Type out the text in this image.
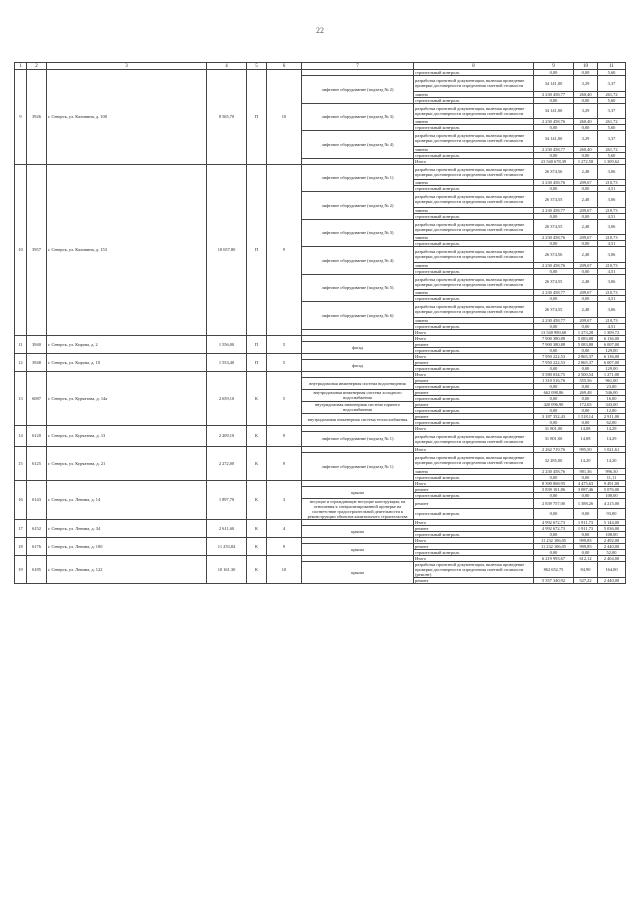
22
1	2	3	4	5	6	7	8	9	10	11
9	3926	г. Северск, ул. Калинина, д. 100	8 565,70	П	10		строительный контроль	0,00	0,00	5,60
						лифтовое оборудование (подъезд № 2)	разработка проектной документации, включая проведение проверки достоверности определения сметной стоимости	34 141,00	3,29	3,37
							замена	2 230 458,77	260,40	261,72
							строительный контроль	0,00	0,00	5,60
						лифтовое оборудование (подъезд № 3)	разработка проектной документации, включая проведение проверки достоверности определения сметной стоимости	34 141,00	3,29	3,37
							замена	2 230 458,76	260,40	261,72
							строительный контроль	0,00	0,00	5,60
						лифтовое оборудование (подъезд № 4)	разработка проектной документации, включая проведение проверки достоверности определения сметной стоимости	34 141,00	3,29	3,37
							замена	2 230 458,77	260,40	261,72
							строительный контроль	0,00	0,00	5,60
							Итого	23 540 678,39	1 272,58	1 309,62
10	3957	г. Северск, ул. Калинина, д. 153	10 657,80	П	9	лифтовое оборудование (подъезд № 1)	разработка проектной документации, включая проведение проверки достоверности определения сметной стоимости	26 374,56	2,48	3,06
							замена	2 230 458,76	209,67	210,73
							строительный контроль	0,00	0,00	4,51
						лифтовое оборудование (подъезд № 2)	разработка проектной документации, включая проведение проверки достоверности определения сметной стоимости	26 374,55	2,48	3,06
							замена	2 230 458,77	209,67	210,73
							строительный контроль	0,00	0,00	4,51
						лифтовое оборудование (подъезд № 3)	разработка проектной документации, включая проведение проверки достоверности определения сметной стоимости	26 374,55	2,48	3,06
							замена	2 230 458,76	209,67	210,73
							строительный контроль	0,00	0,00	4,51
						лифтовое оборудование (подъезд № 4)	разработка проектной документации, включая проведение проверки достоверности определения сметной стоимости	26 374,56	2,48	3,06
							замена	2 230 458,76	209,67	210,73
							строительный контроль	0,00	0,00	4,51
						лифтовое оборудование (подъезд № 5)	разработка проектной документации, включая проведение проверки достоверности определения сметной стоимости	26 374,55	2,48	3,06
							замена	2 230 458,77	209,67	210,73
							строительный контроль	0,00	0,00	4,51
						лифтовое оборудование (подъезд № 6)	разработка проектной документации, включая проведение проверки достоверности определения сметной стоимости	26 374,55	2,48	3,06
							замена	2 230 458,77	209,67	210,73
							строительный контроль	0,00	0,00	4,51
							Итого	13 540 980,68	1 273,28	1 309,72
11	3940	г. Северск, ул. Кирова, д. 2	1 556,00	П	5		Итого	7 900 380,88	5 083,88	6 136,00
						фасад	ремонт	7 900 380,88	5 083,88	6 007,00
							строительный контроль	0,00	0,00	129,00
12	3948	г. Северск, ул. Кирова, д. 10	1 553,40	П	5		Итого	7 950 222,53	2 865,37	6 136,00
						фасад	ремонт	7 950 222,53	2 865,37	6 007,00
							строительный контроль	0,00	0,00	129,00
13	6087	г. Северск, ул. Курчатова, д. 14а	2 659,10	К	5		Итого	5 580 034,75	2 500,54	1 271,00
						внутридомовая инженерная система водоотведения	ремонт	1 310 516,76	555,56	961,00
							строительный контроль	0,00	0,00	23,00
						внутридомовая инженерная система холодного водоснабжения	ремонт	662 098,86	269,48	546,00
							строительный контроль	0,00	0,00	16,00
						внутридомовая инженерная система горячего водоснабжения	ремонт	420 096,90	172,65	343,00
							строительный контроль	0,00	0,00	12,00
						внутридомовая инженерная система теплоснабжения	ремонт	3 187 352,43	1 518,14	2 911,00
							строительный контроль	0,00	0,00	62,00
14	6120	г. Северск, ул. Курчатова, д. 13	2 209,10	К	9		Итого	31 801,00	14,08	14,29
						лифтовое оборудование (подъезд № 1)	разработка проектной документации, включая проведение проверки достоверности определения сметной стоимости	31 801,00	14,08	14,29
15	6125	г. Северск, ул. Курчатова, д. 21	2 272,00	К	9		Итого	2 262 719,76	995,50	1 021,61
						лифтовое оборудование (подъезд № 1)	разработка проектной документации, включая проведение проверки достоверности определения сметной стоимости	32 285,00	14,20	14,20
							замена	2 230 458,76	981,36	996,30
							строительный контроль	0,00	0,00	11,11
16	6143	г. Северск, ул. Ленина, д. 14	1 897,70	К	3		Итого	8 390 868,95	4 475,63	9 491,00
						крыша	ремонт	5 839 101,86	3 087,46	5 076,00
							строительный контроль	0,00	0,00	108,00
						несущие и ограждающие несущие конструкции, на отношения к специализированной проверке на соответствие градостроительной деятельности к реконструкции объектов капитального строительства	ремонт	2 839 757,00	1 388,26	4 215,00
							строительный контроль	0,00	0,00	93,00
17	6152	г. Северск, ул. Ленина, д. 34	2 611,60	К	4		Итого	4 992 672,73	1 911,73	5 144,00
						крыша	ремонт	4 992 672,73	1 911,73	5 036,00
							строительный контроль	0,00	0,00	108,00
18	6176	г. Северск, ул. Ленина, д. 100	11 253,84	К	9		Итого	11 232 106,05	999,85	2 492,00
						крыша	ремонт	11 232 106,05	999,85	2 440,00
							строительный контроль	0,00	0,00	52,00
19	6185	г. Северск, ул. Ленина, д. 122	10 161,30	К	10		Итого	6 219 993,67	612,12	2 404,00
						крыша	разработка проектной документации, включая проведение проверки достоверности определения сметной стоимости (ремонт)	862 652,75	84,90	164,00
							ремонт	5 357 340,92	527,22	2 440,00
